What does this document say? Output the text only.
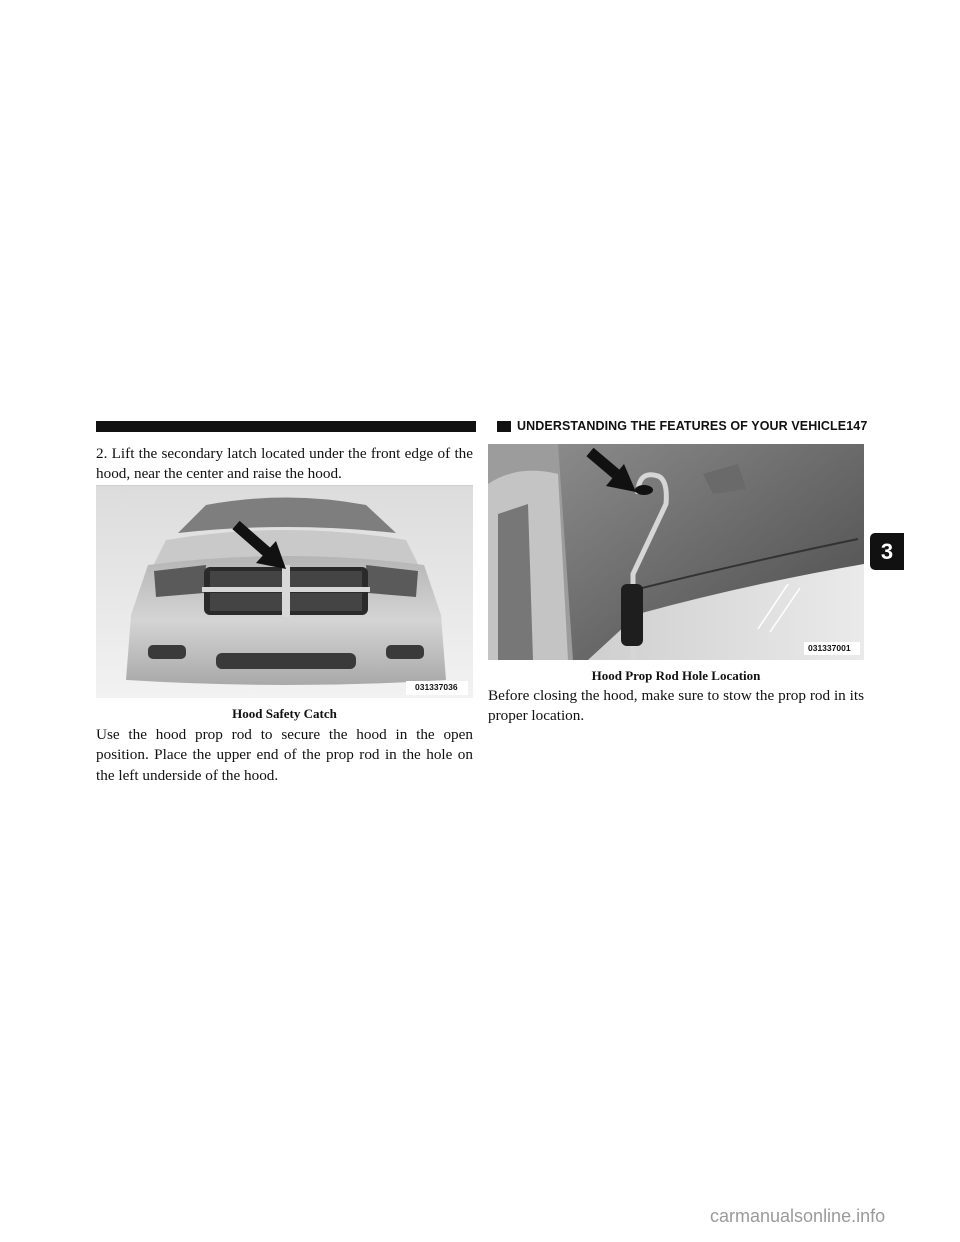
UNDERSTANDING THE FEATURES OF YOUR VEHICLE 147
3

2. Lift the secondary latch located under the front edge of the hood, near the center and raise the hood.

031337036
Hood Safety Catch

Use the hood prop rod to secure the hood in the open position. Place the upper end of the prop rod in the hole on the left underside of the hood.

031337001
Hood Prop Rod Hole Location

Before closing the hood, make sure to stow the prop rod in its proper location.

carmanualsonline.info
